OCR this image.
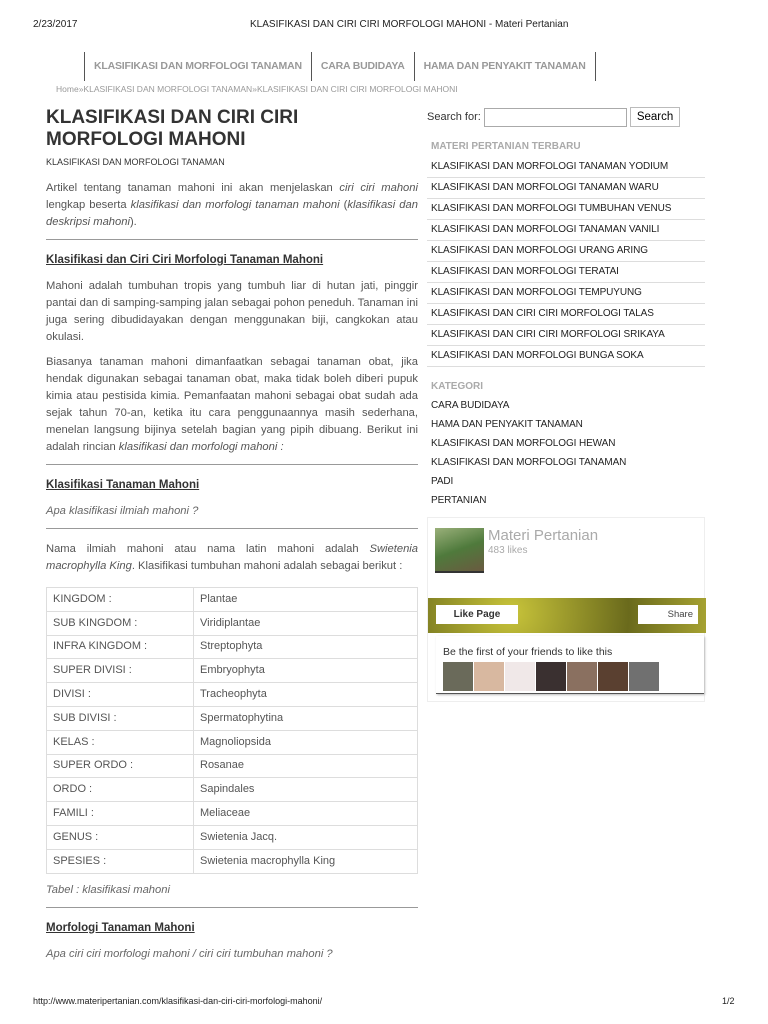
2/23/2017	KLASIFIKASI DAN CIRI CIRI MORFOLOGI MAHONI - Materi Pertanian
KLASIFIKASI DAN MORFOLOGI TANAMAN	CARA BUDIDAYA	HAMA DAN PENYAKIT TANAMAN
Home»KLASIFIKASI DAN MORFOLOGI TANAMAN»KLASIFIKASI DAN CIRI CIRI MORFOLOGI MAHONI
KLASIFIKASI DAN CIRI CIRI MORFOLOGI MAHONI
KLASIFIKASI DAN MORFOLOGI TANAMAN

Artikel tentang tanaman mahoni ini akan menjelaskan ciri ciri mahoni lengkap beserta klasifikasi dan morfologi tanaman mahoni (klasifikasi dan deskripsi mahoni).

Klasifikasi dan Ciri Ciri Morfologi Tanaman Mahoni

Mahoni adalah tumbuhan tropis yang tumbuh liar di hutan jati, pinggir pantai dan di samping-samping jalan sebagai pohon peneduh. Tanaman ini juga sering dibudidayakan dengan menggunakan biji, cangkokan atau okulasi.

Biasanya tanaman mahoni dimanfaatkan sebagai tanaman obat, jika hendak digunakan sebagai tanaman obat, maka tidak boleh diberi pupuk kimia atau pestisida kimia. Pemanfaatan mahoni sebagai obat sudah ada sejak tahun 70-an, ketika itu cara penggunaannya masih sederhana, menelan langsung bijinya setelah bagian yang pipih dibuang. Berikut ini adalah rincian klasifikasi dan morfologi mahoni :

Klasifikasi Tanaman Mahoni

Apa klasifikasi ilmiah mahoni ?

Nama ilmiah mahoni atau nama latin mahoni adalah Swietenia macrophylla King. Klasifikasi tumbuhan mahoni adalah sebagai berikut :

KINGDOM :	Plantae
SUB KINGDOM :	Viridiplantae
INFRA KINGDOM :	Streptophyta
SUPER DIVISI :	Embryophyta
DIVISI :	Tracheophyta
SUB DIVISI :	Spermatophytina
KELAS :	Magnoliopsida
SUPER ORDO :	Rosanae
ORDO :	Sapindales
FAMILI :	Meliaceae
GENUS :	Swietenia Jacq.
SPESIES :	Swietenia macrophylla King

Tabel : klasifikasi mahoni

Morfologi Tanaman Mahoni

Apa ciri ciri morfologi mahoni / ciri ciri tumbuhan mahoni ?

Search for:	Search
MATERI PERTANIAN TERBARU
KLASIFIKASI DAN MORFOLOGI TANAMAN YODIUM
KLASIFIKASI DAN MORFOLOGI TANAMAN WARU
KLASIFIKASI DAN MORFOLOGI TUMBUHAN VENUS
KLASIFIKASI DAN MORFOLOGI TANAMAN VANILI
KLASIFIKASI DAN MORFOLOGI URANG ARING
KLASIFIKASI DAN MORFOLOGI TERATAI
KLASIFIKASI DAN MORFOLOGI TEMPUYUNG
KLASIFIKASI DAN CIRI CIRI MORFOLOGI TALAS
KLASIFIKASI DAN CIRI CIRI MORFOLOGI SRIKAYA
KLASIFIKASI DAN MORFOLOGI BUNGA SOKA
KATEGORI
CARA BUDIDAYA
HAMA DAN PENYAKIT TANAMAN
KLASIFIKASI DAN MORFOLOGI HEWAN
KLASIFIKASI DAN MORFOLOGI TANAMAN
PADI
PERTANIAN
Materi Pertanian
483 likes
Like Page	Share
Be the first of your friends to like this
http://www.materipertanian.com/klasifikasi-dan-ciri-ciri-morfologi-mahoni/	1/2
